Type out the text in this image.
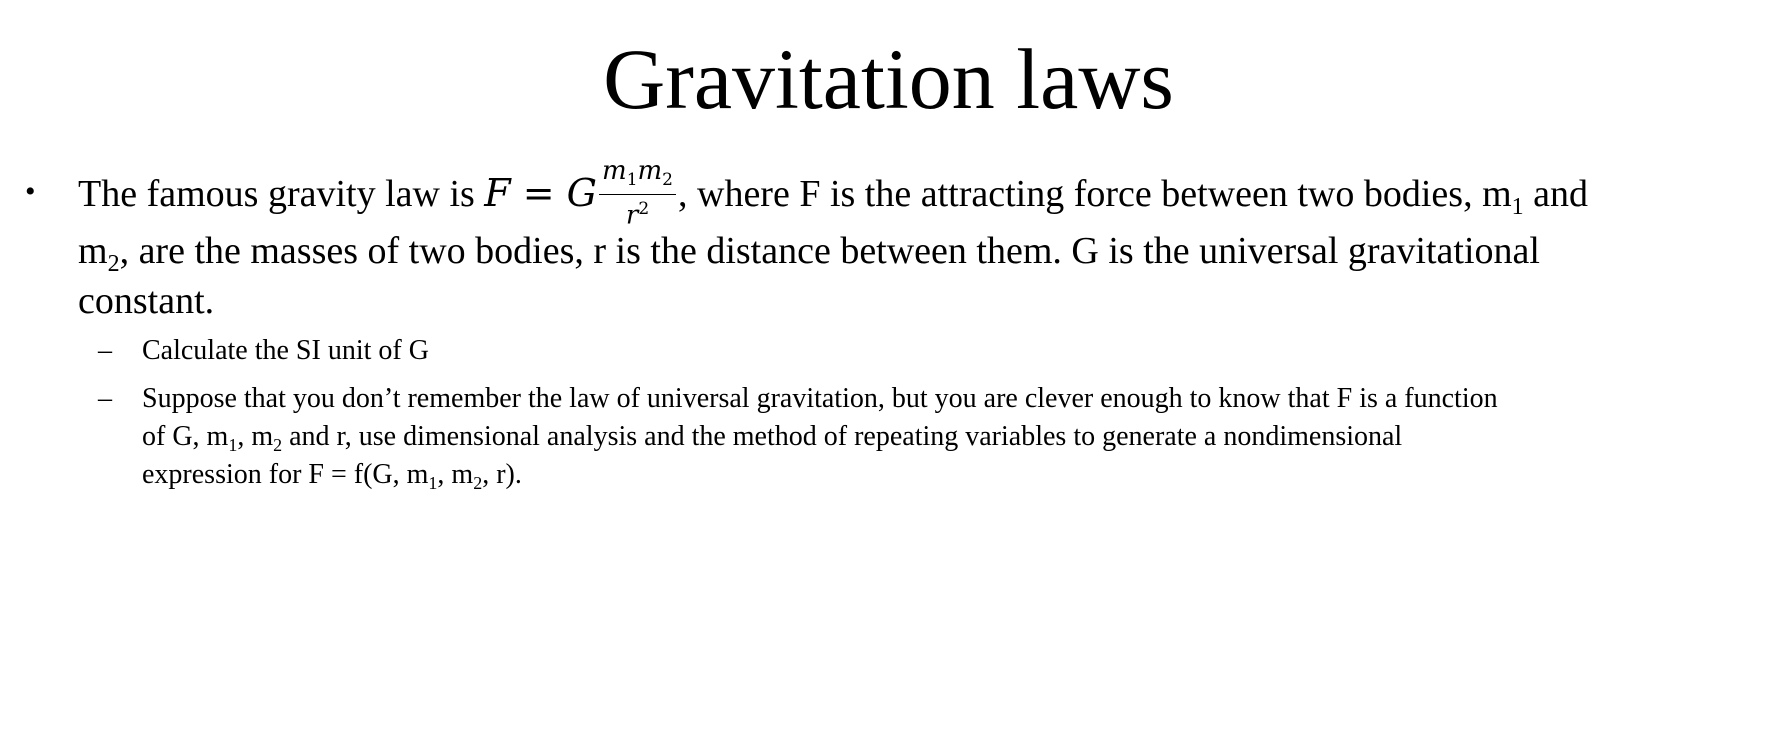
Gravitation laws
• The famous gravity law is F = G $\frac{m_1m_2}{r^2}$ , where F is the attracting force between two bodies, $m_1$ and
$m_2$, are the masses of two bodies, r is the distance between them. G is the universal gravitational
constant.
– Calculate the SI unit of G
– Suppose that you don’t remember the law of universal gravitation, but you are clever enough to know that F is a function
of G, $m_1$, $m_2$ and r, use dimensional analysis and the method of repeating variables to generate a nondimensional
expression for F = f(G, $m_1$, $m_2$, r).
